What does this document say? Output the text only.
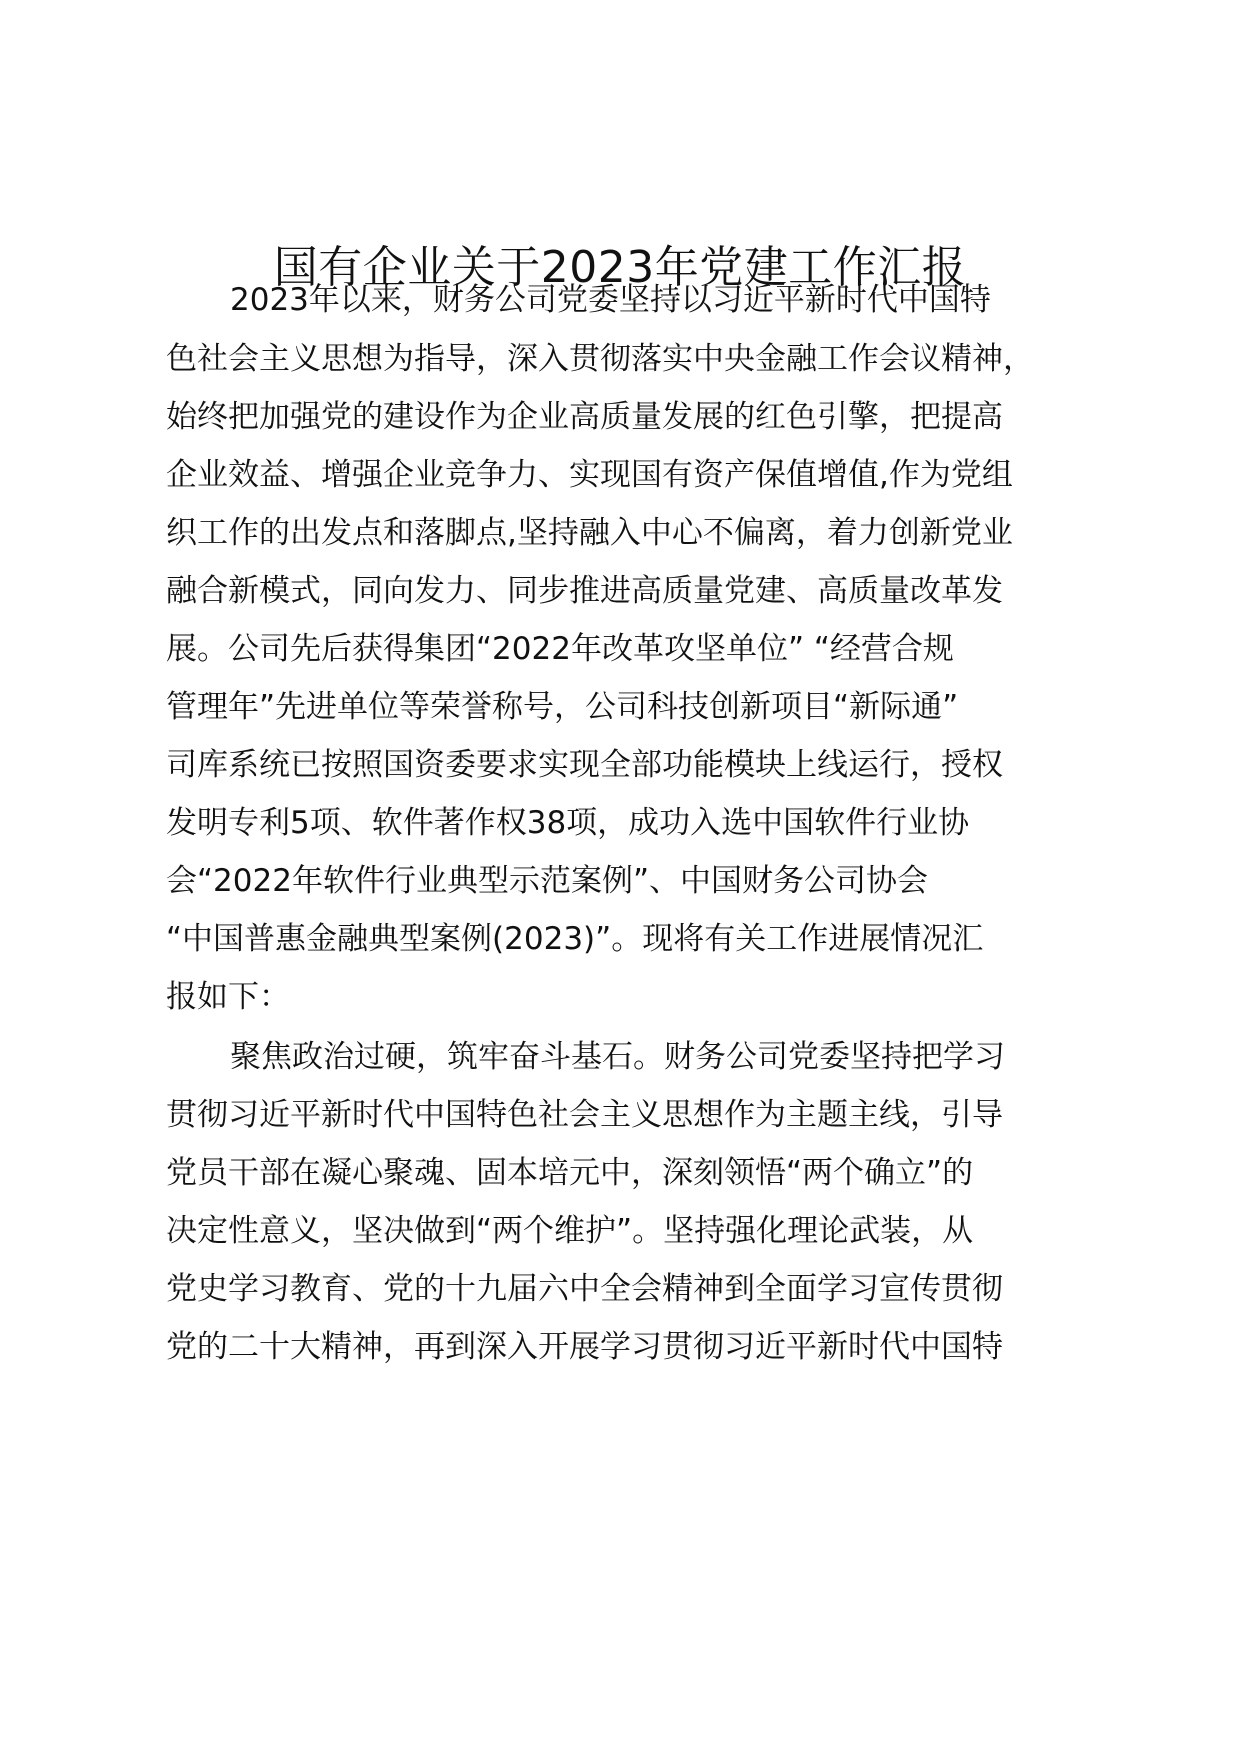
国有企业关于2023年党建工作汇报

2023年以来，财务公司党委坚持以习近平新时代中国特

色社会主义思想为指导，深入贯彻落实中央金融工作会议精神，

始终把加强党的建设作为企业高质量发展的红色引擎，把提高

企业效益、增强企业竞争力、实现国有资产保值增值,作为党组

织工作的出发点和落脚点,坚持融入中心不偏离，着力创新党业

融合新模式，同向发力、同步推进高质量党建、高质量改革发

展。公司先后获得集团“2022年改革攻坚单位” “经营合规

管理年”先进单位等荣誉称号，公司科技创新项目“新际通”

司库系统已按照国资委要求实现全部功能模块上线运行，授权

发明专利5项、软件著作权38项，成功入选中国软件行业协

会“2022年软件行业典型示范案例”、中国财务公司协会

“中国普惠金融典型案例(2023)”。现将有关工作进展情况汇

报如下：

聚焦政治过硬，筑牢奋斗基石。财务公司党委坚持把学习

贯彻习近平新时代中国特色社会主义思想作为主题主线，引导

党员干部在凝心聚魂、固本培元中，深刻领悟“两个确立”的

决定性意义，坚决做到“两个维护”。坚持强化理论武装，从

党史学习教育、党的十九届六中全会精神到全面学习宣传贯彻

党的二十大精神，再到深入开展学习贯彻习近平新时代中国特
